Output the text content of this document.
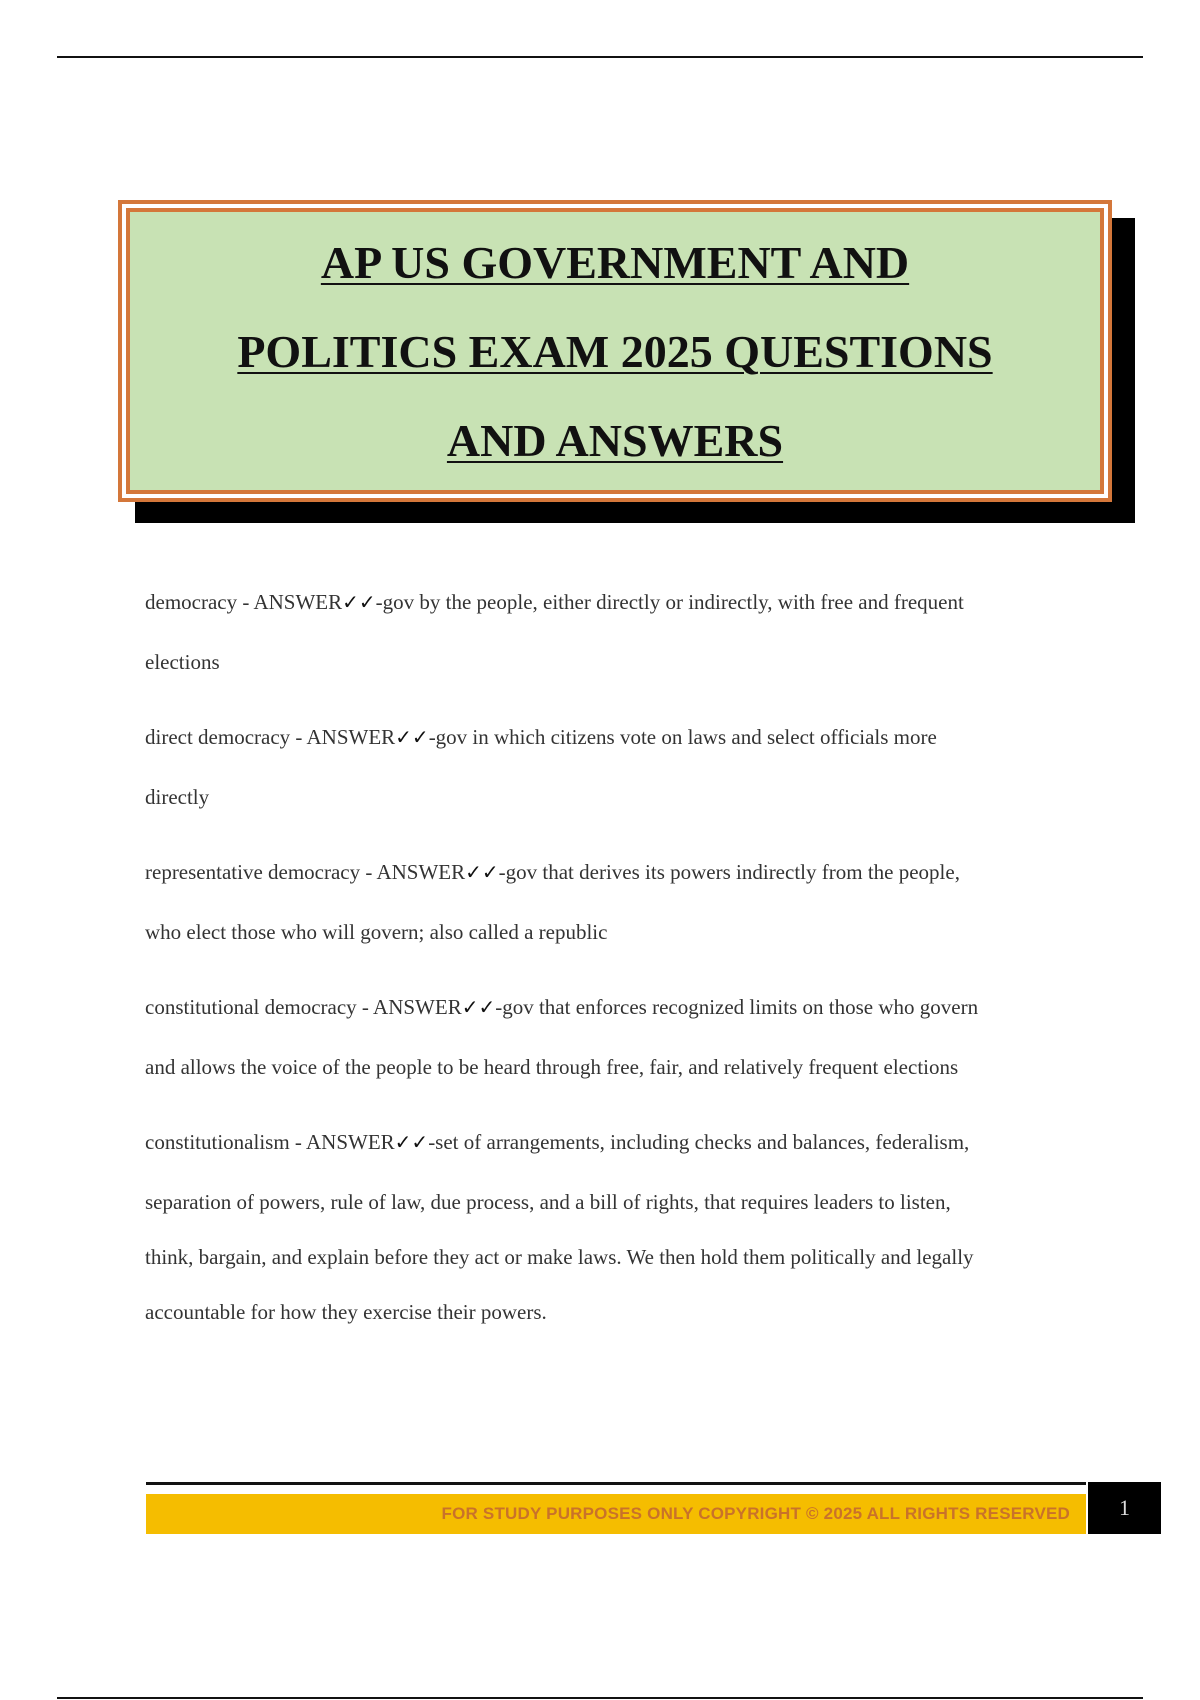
AP US GOVERNMENT AND
POLITICS EXAM 2025 QUESTIONS
AND ANSWERS
democracy - ANSWER✓✓-gov by the people, either directly or indirectly, with free and frequent
elections
direct democracy - ANSWER✓✓-gov in which citizens vote on laws and select officials more
directly
representative democracy - ANSWER✓✓-gov that derives its powers indirectly from the people,
who elect those who will govern; also called a republic
constitutional democracy - ANSWER✓✓-gov that enforces recognized limits on those who govern
and allows the voice of the people to be heard through free, fair, and relatively frequent elections
constitutionalism - ANSWER✓✓-set of arrangements, including checks and balances, federalism,
separation of powers, rule of law, due process, and a bill of rights, that requires leaders to listen,
think, bargain, and explain before they act or make laws. We then hold them politically and legally
accountable for how they exercise their powers.
FOR STUDY PURPOSES ONLY COPYRIGHT © 2025 ALL RIGHTS RESERVED 1
